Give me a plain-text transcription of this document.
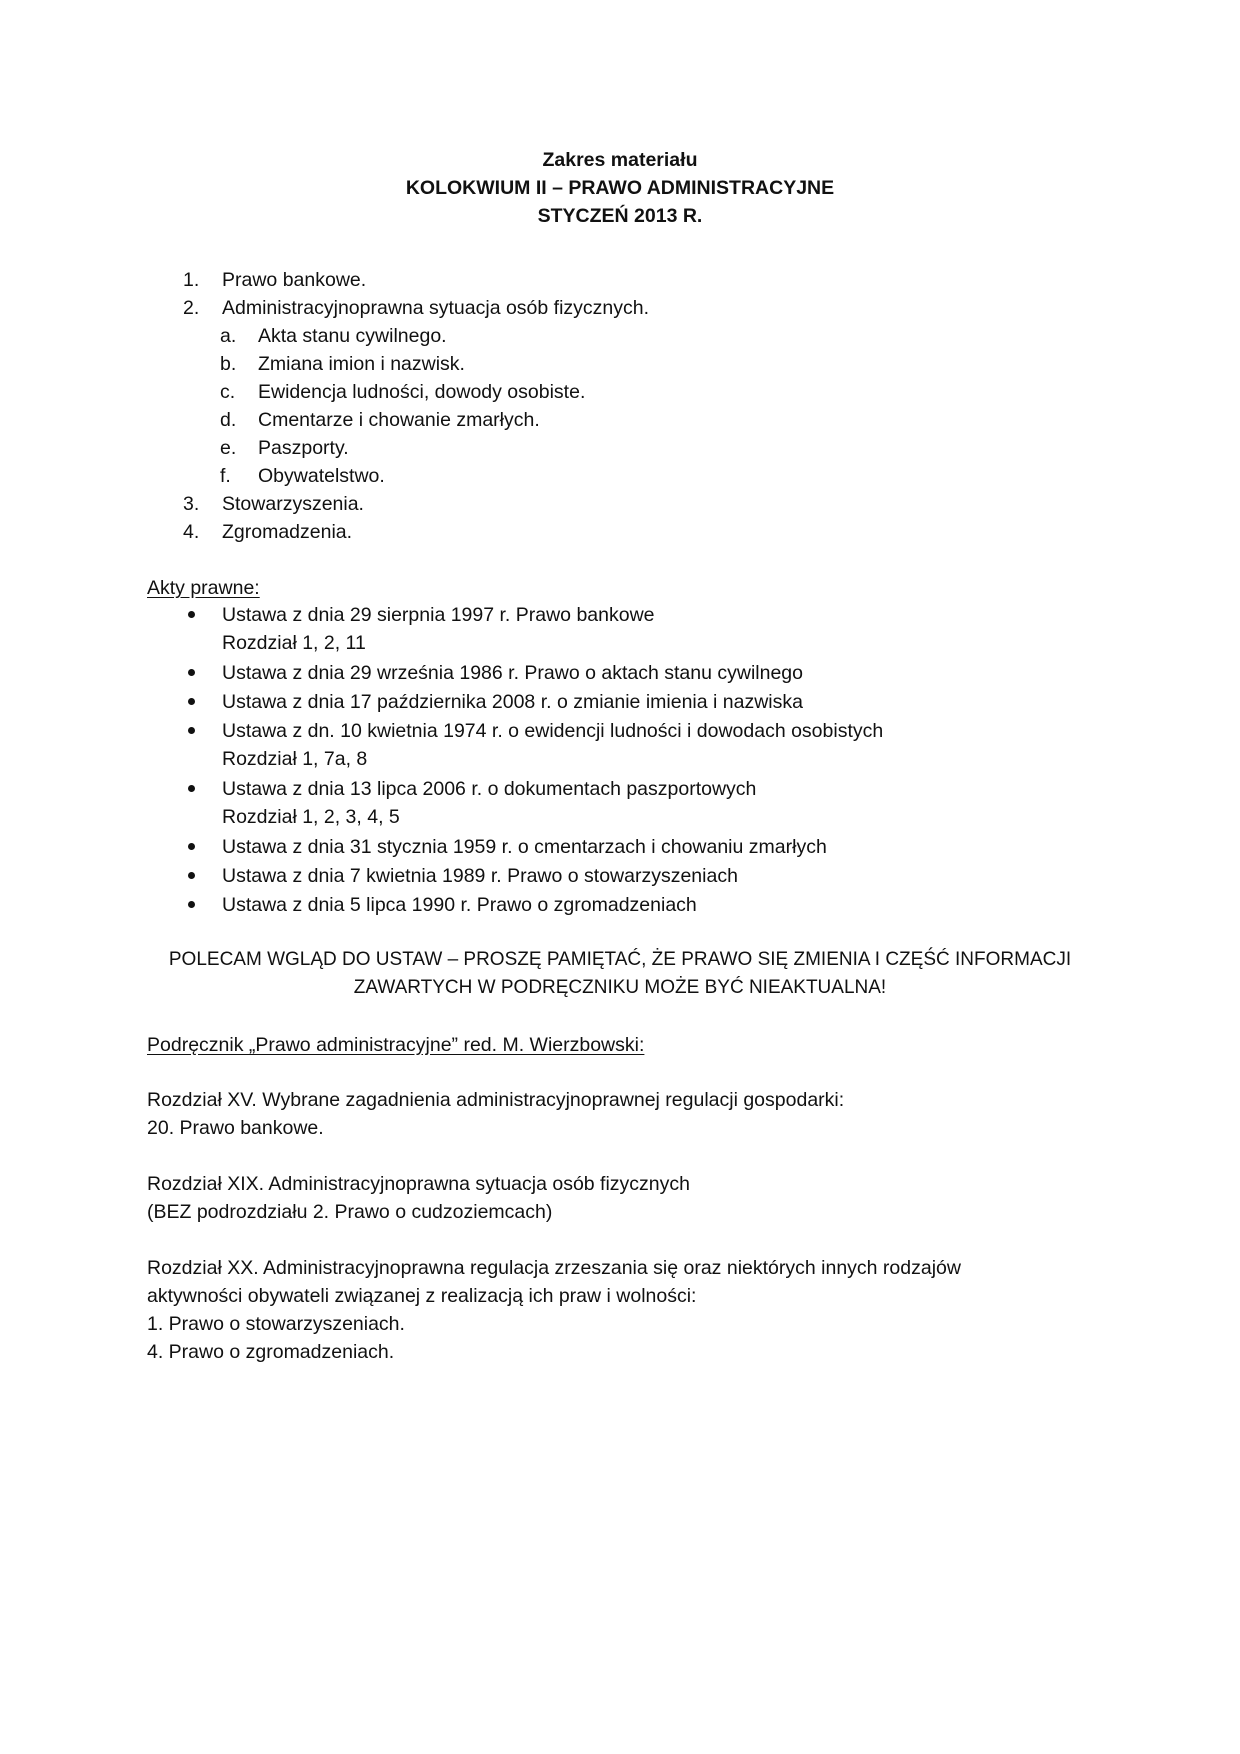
Zakres materiału
KOLOKWIUM II – PRAWO ADMINISTRACYJNE
STYCZEŃ 2013 R.
1. Prawo bankowe.
2. Administracyjnoprawna sytuacja osób fizycznych.
a. Akta stanu cywilnego.
b. Zmiana imion i nazwisk.
c. Ewidencja ludności, dowody osobiste.
d. Cmentarze i chowanie zmarłych.
e. Paszporty.
f. Obywatelstwo.
3. Stowarzyszenia.
4. Zgromadzenia.
Akty prawne:
Ustawa z dnia 29 sierpnia 1997 r. Prawo bankowe
Rozdział 1, 2, 11
Ustawa z dnia 29 września 1986 r. Prawo o aktach stanu cywilnego
Ustawa z dnia 17 października 2008 r. o zmianie imienia i nazwiska
Ustawa z dn. 10 kwietnia 1974 r. o ewidencji ludności i dowodach osobistych
Rozdział 1, 7a, 8
Ustawa z dnia 13 lipca 2006 r. o dokumentach paszportowych
Rozdział 1, 2, 3, 4, 5
Ustawa z dnia 31 stycznia 1959 r. o cmentarzach i chowaniu zmarłych
Ustawa z dnia 7 kwietnia 1989 r. Prawo o stowarzyszeniach
Ustawa z dnia 5 lipca 1990 r. Prawo o zgromadzeniach
POLECAM WGLĄD DO USTAW – PROSZĘ PAMIĘTAĆ, ŻE PRAWO SIĘ ZMIENIA I CZĘŚĆ INFORMACJI
ZAWARTYCH W PODRĘCZNIKU MOŻE BYĆ NIEAKTUALNA!
Podręcznik „Prawo administracyjne” red. M. Wierzbowski:
Rozdział XV. Wybrane zagadnienia administracyjnoprawnej regulacji gospodarki:
20. Prawo bankowe.
Rozdział XIX. Administracyjnoprawna sytuacja osób fizycznych
(BEZ podrozdziału 2. Prawo o cudzoziemcach)
Rozdział XX. Administracyjnoprawna regulacja zrzeszania się oraz niektórych innych rodzajów
aktywności obywateli związanej z realizacją ich praw i wolności:
1. Prawo o stowarzyszeniach.
4. Prawo o zgromadzeniach.
